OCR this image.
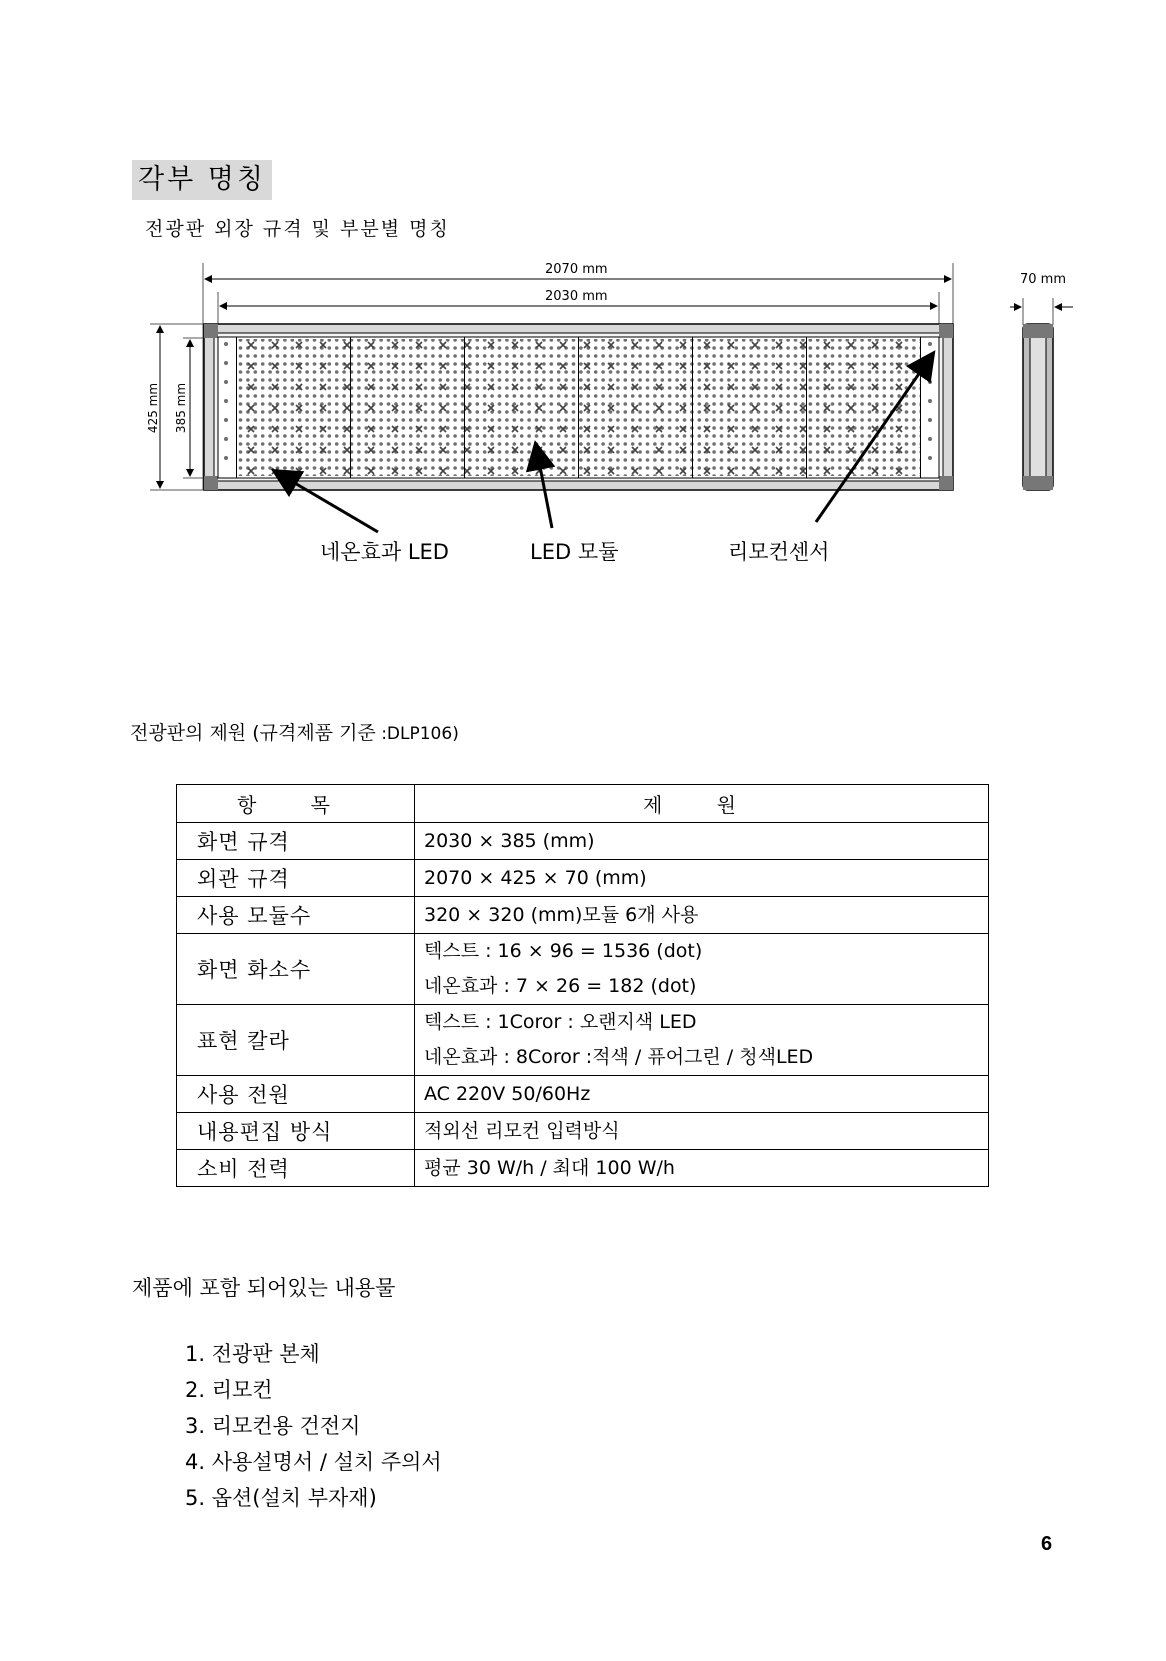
각부 명칭
전광판 외장 규격 및 부분별 명칭
2070 mm
2030 mm
70 mm
425 mm 385 mm
네온효과 LED	LED 모듈	리모컨센서
전광판의 제원 (규격제품 기준 :DLP106)
항 목	제 원
화면 규격	2030 × 385 (mm)

외관 규격	2070 × 425 × 70 (mm)

사용 모듈수	320 × 320 (mm)모듈 6개 사용

화면 화소수	텍스트 : 16 × 96 = 1536 (dot)
네온효과 : 7 × 26 = 182 (dot)

표현 칼라	텍스트 : 1Coror : 오랜지색 LED
네온효과 : 8Coror :적색 / 퓨어그린 / 청색LED

사용 전원	AC 220V 50/60Hz

내용편집 방식	적외선 리모컨 입력방식

소비 전력	평균 30 W/h / 최대 100 W/h
제품에 포함 되어있는 내용물
1. 전광판 본체
2. 리모컨
3. 리모컨용 건전지
4. 사용설명서 / 설치 주의서
5. 옵션(설치 부자재)
6
